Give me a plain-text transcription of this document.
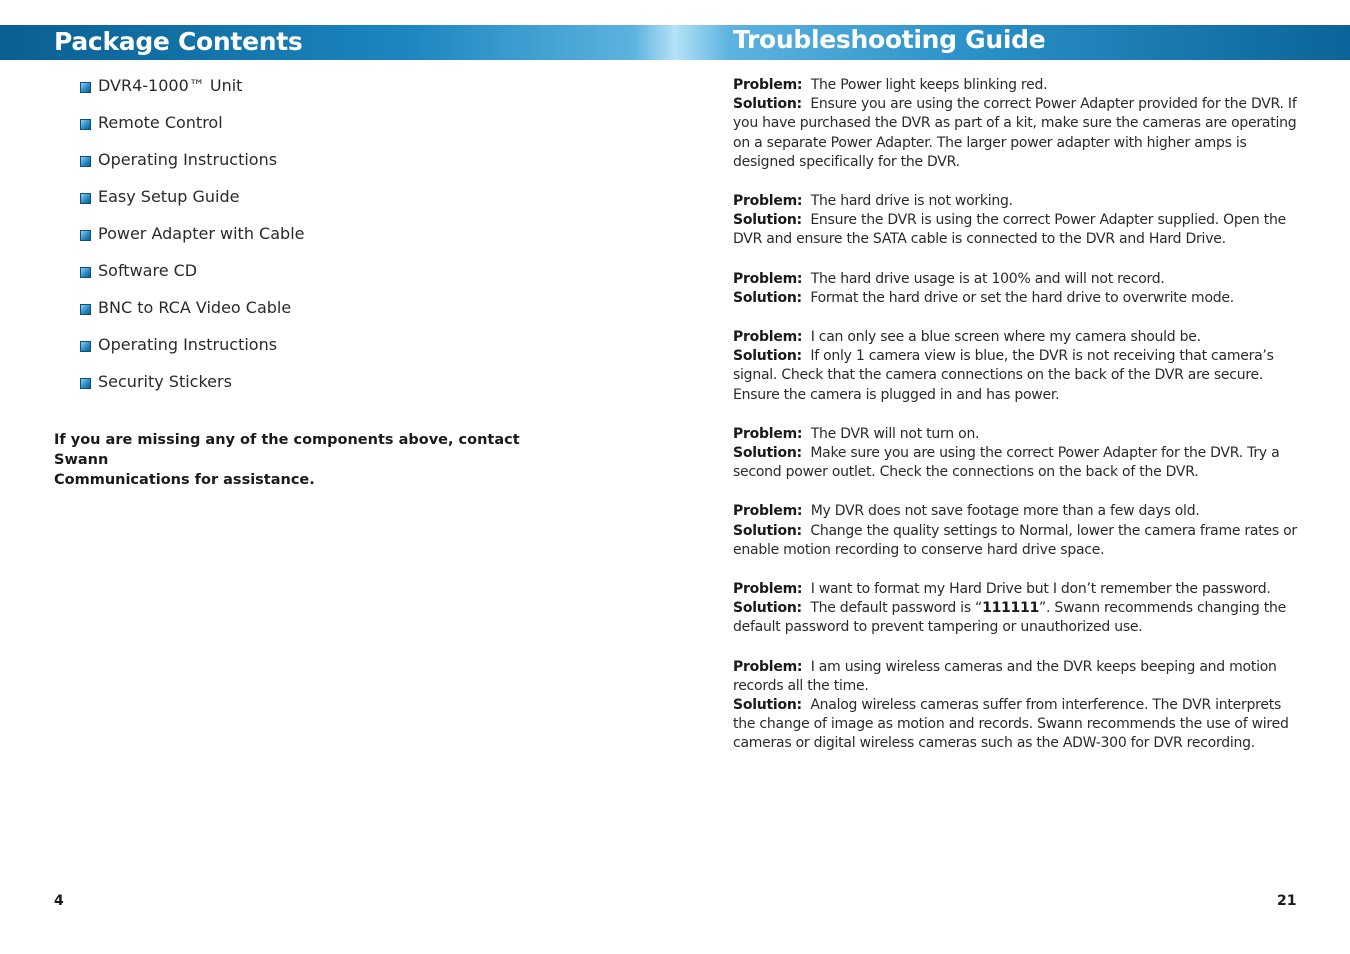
Package Contents	Troubleshooting Guide
DVR4-1000™ Unit
Remote Control
Operating Instructions
Easy Setup Guide
Power Adapter with Cable
Software CD
BNC to RCA Video Cable
Operating Instructions
Security Stickers

If you are missing any of the components above, contact Swann
Communications for assistance.

Problem: The Power light keeps blinking red.

Solution: Ensure you are using the correct Power Adapter provided for the DVR. If you have purchased the DVR as part of a kit, make sure the cameras are operating on a separate Power Adapter. The larger power adapter with higher amps is designed specifically for the DVR.

Problem: The hard drive is not working.

Solution: Ensure the DVR is using the correct Power Adapter supplied. Open the DVR and ensure the SATA cable is connected to the DVR and Hard Drive.

Problem: The hard drive usage is at 100% and will not record.

Solution: Format the hard drive or set the hard drive to overwrite mode.

Problem: I can only see a blue screen where my camera should be.

Solution: If only 1 camera view is blue, the DVR is not receiving that camera’s signal. Check that the camera connections on the back of the DVR are secure. Ensure the camera is plugged in and has power.

Problem: The DVR will not turn on.

Solution: Make sure you are using the correct Power Adapter for the DVR. Try a second power outlet. Check the connections on the back of the DVR.

Problem: My DVR does not save footage more than a few days old.

Solution: Change the quality settings to Normal, lower the camera frame rates or enable motion recording to conserve hard drive space.

Problem: I want to format my Hard Drive but I don’t remember the password.

Solution: The default password is “111111”. Swann recommends changing the default password to prevent tampering or unauthorized use.

Problem: I am using wireless cameras and the DVR keeps beeping and motion records all the time.

Solution: Analog wireless cameras suffer from interference. The DVR interprets the change of image as motion and records. Swann recommends the use of wired cameras or digital wireless cameras such as the ADW-300 for DVR recording.

4	21
